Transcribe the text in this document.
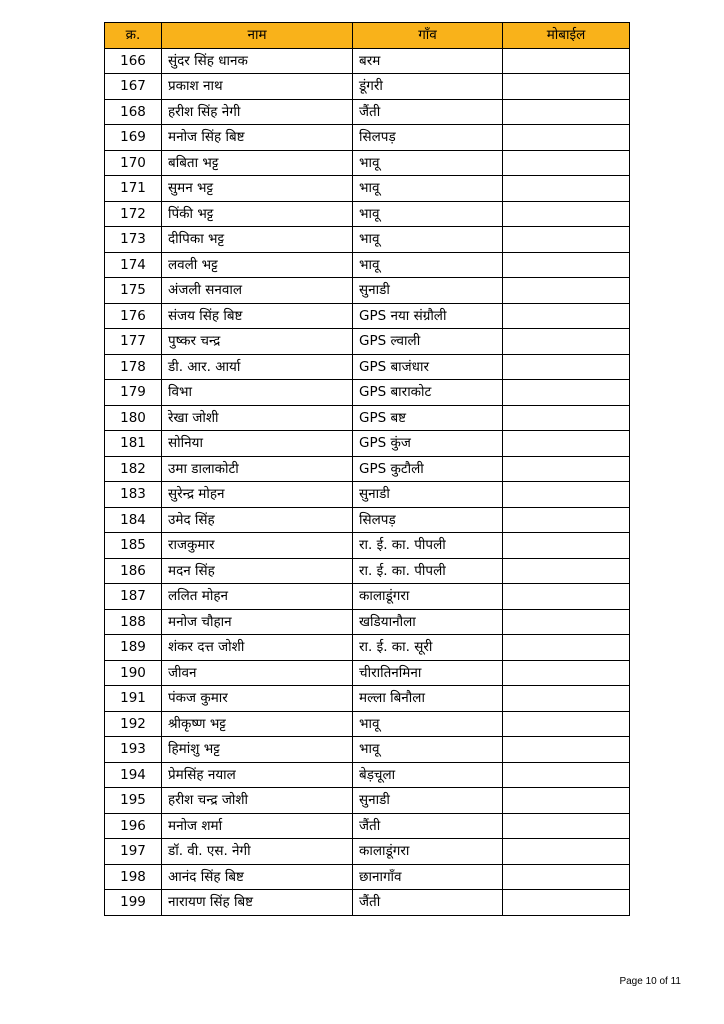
क्र.	नाम	गाँव	मोबाईल
166	सुंदर सिंह धानक	बरम	
167	प्रकाश नाथ	डूंगरी	
168	हरीश सिंह नेगी	जैंती	
169	मनोज सिंह बिष्ट	सिलपड़	
170	बबिता भट्ट	भावू	
171	सुमन भट्ट	भावू	
172	पिंकी भट्ट	भावू	
173	दीपिका भट्ट	भावू	
174	लवली भट्ट	भावू	
175	अंजली सनवाल	सुनाडी	
176	संजय सिंह बिष्ट	GPS नया संग्रौली	
177	पुष्कर चन्द्र	GPS ल्वाली	
178	डी. आर. आर्या	GPS बाजंधार	
179	विभा	GPS बाराकोट	
180	रेखा जोशी	GPS बष्ट	
181	सोनिया	GPS कुंज	
182	उमा डालाकोटी	GPS कुटौली	
183	सुरेन्द्र मोहन	सुनाडी	
184	उमेद सिंह	सिलपड़	
185	राजकुमार	रा. ई. का. पीपली	
186	मदन सिंह	रा. ई. का. पीपली	
187	ललित मोहन	कालाडूंगरा	
188	मनोज चौहान	खडियानौला	
189	शंकर दत्त जोशी	रा. ई. का. सूरी	
190	जीवन	चीरातिनमिना	
191	पंकज कुमार	मल्ला बिनौला	
192	श्रीकृष्ण भट्ट	भावू	
193	हिमांशु भट्ट	भावू	
194	प्रेमसिंह नयाल	बेड़चूला	
195	हरीश चन्द्र जोशी	सुनाडी	
196	मनोज शर्मा	जैंती	
197	डॉ. वी. एस. नेगी	कालाडूंगरा	
198	आनंद सिंह बिष्ट	छानागाँव	
199	नारायण सिंह बिष्ट	जैंती	
Page 10 of 11
